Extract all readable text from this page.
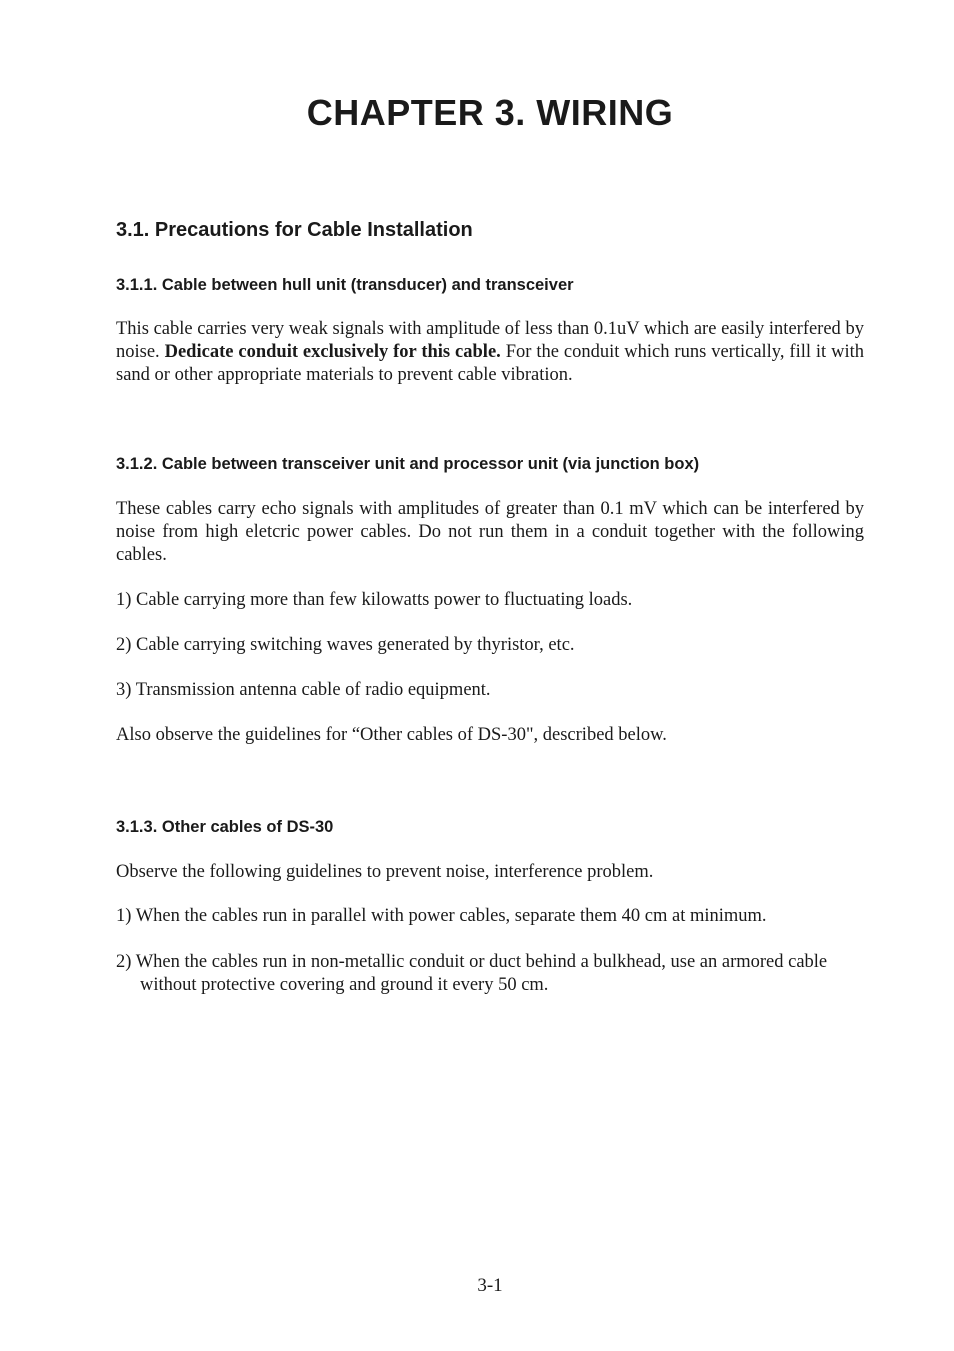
CHAPTER 3. WIRING
3.1. Precautions for Cable Installation
3.1.1. Cable between hull unit (transducer) and transceiver

This cable carries very weak signals with amplitude of less than 0.1uV which are easily interfered by noise. Dedicate conduit exclusively for this cable. For the conduit which runs vertically, fill it with sand or other appropriate materials to prevent cable vibration.

3.1.2. Cable between transceiver unit and processor unit (via junction box)

These cables carry echo signals with amplitudes of greater than 0.1 mV which can be interfered by noise from high eletcric power cables. Do not run them in a conduit together with the following cables.

1) Cable carrying more than few kilowatts power to fluctuating loads.

2) Cable carrying switching waves generated by thyristor, etc.

3) Transmission antenna cable of radio equipment.

Also observe the guidelines for “Other cables of DS-30", described below.

3.1.3. Other cables of DS-30

Observe the following guidelines to prevent noise, interference problem.

1) When the cables run in parallel with power cables, separate them 40 cm at minimum.

2) When the cables run in non-metallic conduit or duct behind a bulkhead, use an armored cable without protective covering and ground it every 50 cm.

3-1
